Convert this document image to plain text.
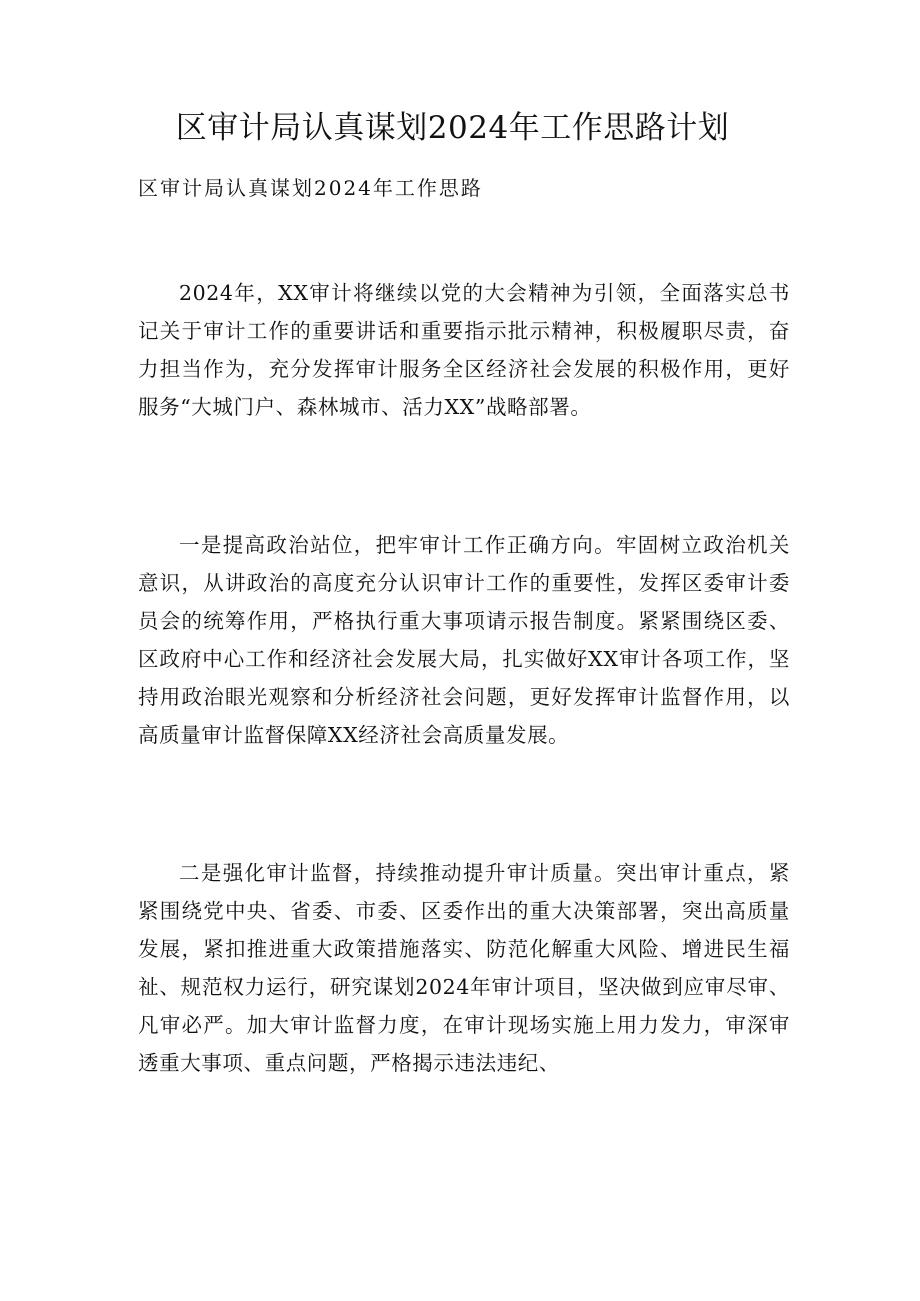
区审计局认真谋划2024年工作思路计划

区审计局认真谋划2024年工作思路

2024年，XX审计将继续以党的大会精神为引领，全面落实总书记关于审计工作的重要讲话和重要指示批示精神，积极履职尽责，奋力担当作为，充分发挥审计服务全区经济社会发展的积极作用，更好服务“大城门户、森林城市、活力XX”战略部署。

一是提高政治站位，把牢审计工作正确方向。牢固树立政治机关意识，从讲政治的高度充分认识审计工作的重要性，发挥区委审计委员会的统筹作用，严格执行重大事项请示报告制度。紧紧围绕区委、区政府中心工作和经济社会发展大局，扎实做好XX审计各项工作，坚持用政治眼光观察和分析经济社会问题，更好发挥审计监督作用，以高质量审计监督保障XX经济社会高质量发展。

二是强化审计监督，持续推动提升审计质量。突出审计重点，紧紧围绕党中央、省委、市委、区委作出的重大决策部署，突出高质量发展，紧扣推进重大政策措施落实、防范化解重大风险、增进民生福祉、规范权力运行，研究谋划2024年审计项目，坚决做到应审尽审、凡审必严。加大审计监督力度，在审计现场实施上用力发力，审深审透重大事项、重点问题，严格揭示违法违纪、
